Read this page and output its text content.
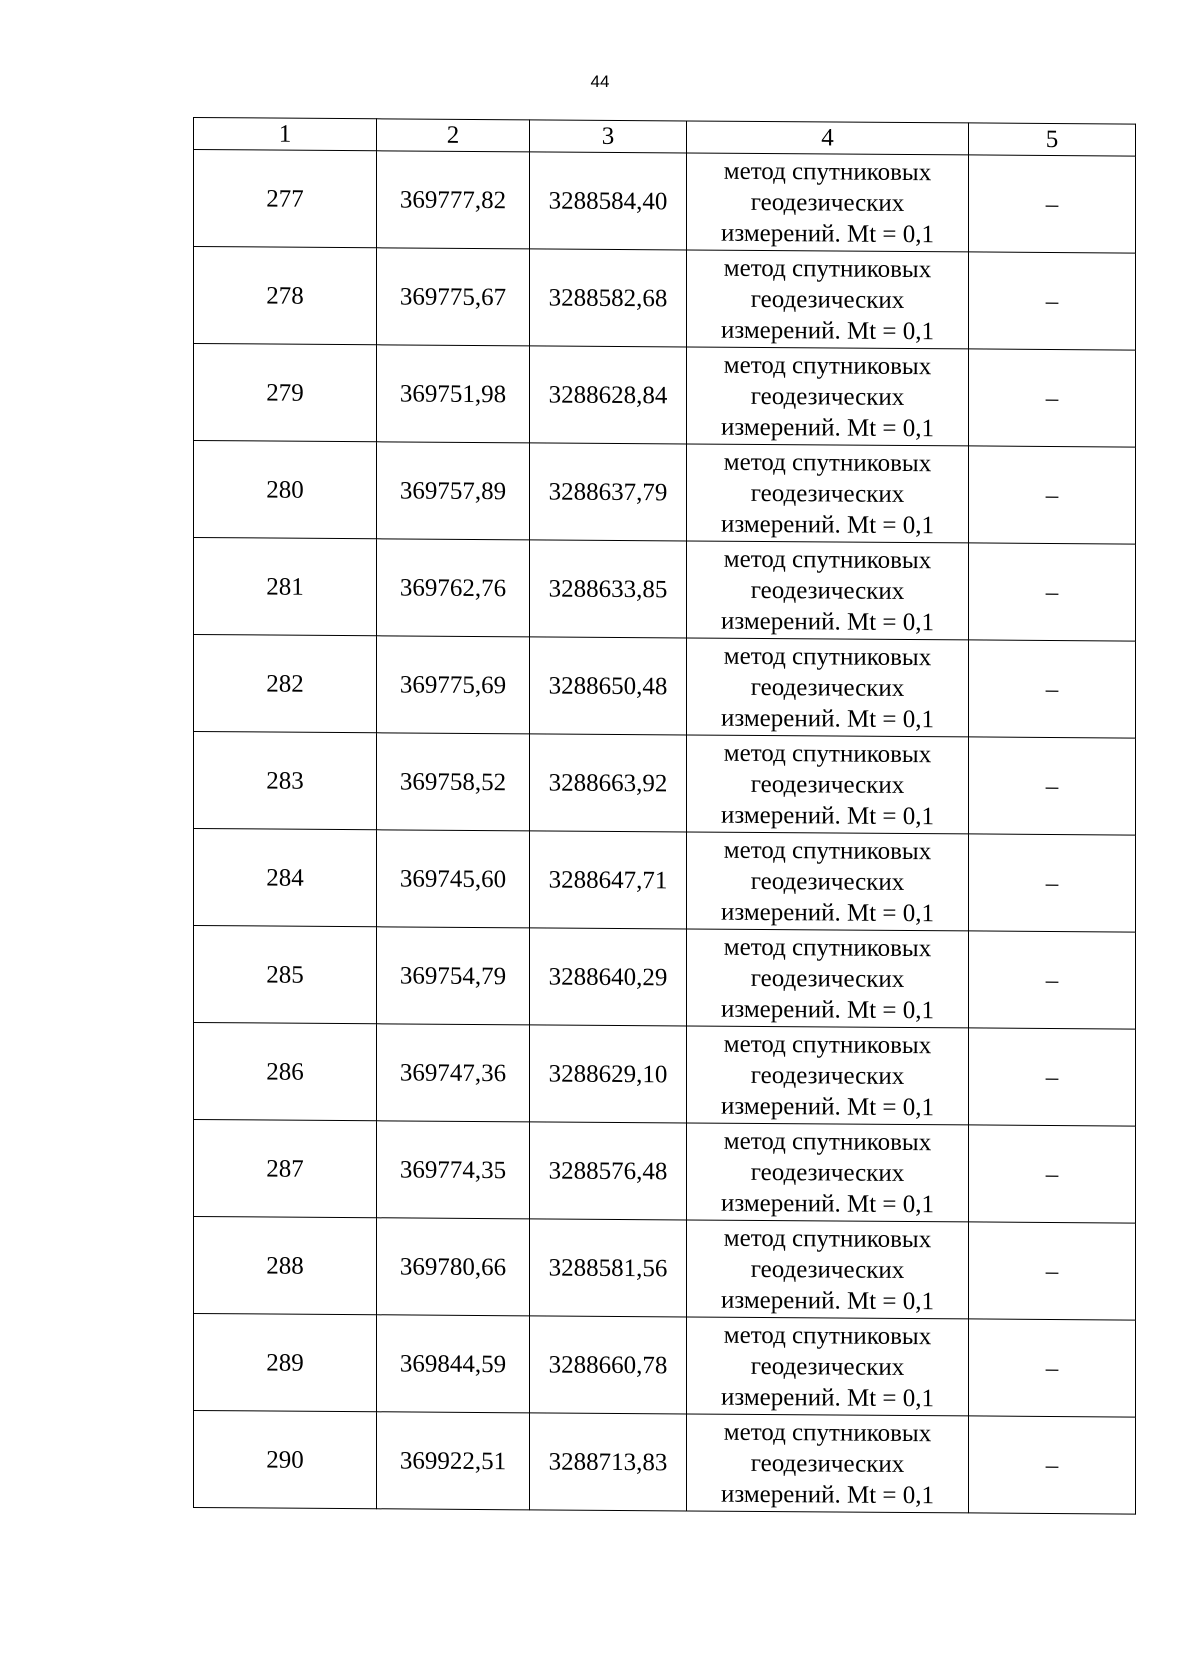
44
1	2	3	4	5
277	369777,82	3288584,40	метод спутниковых
геодезических
измерений. Mt = 0,1	–
278	369775,67	3288582,68	метод спутниковых
геодезических
измерений. Mt = 0,1	–
279	369751,98	3288628,84	метод спутниковых
геодезических
измерений. Mt = 0,1	–
280	369757,89	3288637,79	метод спутниковых
геодезических
измерений. Mt = 0,1	–
281	369762,76	3288633,85	метод спутниковых
геодезических
измерений. Mt = 0,1	–
282	369775,69	3288650,48	метод спутниковых
геодезических
измерений. Mt = 0,1	–
283	369758,52	3288663,92	метод спутниковых
геодезических
измерений. Mt = 0,1	–
284	369745,60	3288647,71	метод спутниковых
геодезических
измерений. Mt = 0,1	–
285	369754,79	3288640,29	метод спутниковых
геодезических
измерений. Mt = 0,1	–
286	369747,36	3288629,10	метод спутниковых
геодезических
измерений. Mt = 0,1	–
287	369774,35	3288576,48	метод спутниковых
геодезических
измерений. Mt = 0,1	–
288	369780,66	3288581,56	метод спутниковых
геодезических
измерений. Mt = 0,1	–
289	369844,59	3288660,78	метод спутниковых
геодезических
измерений. Mt = 0,1	–
290	369922,51	3288713,83	метод спутниковых
геодезических
измерений. Mt = 0,1	–
